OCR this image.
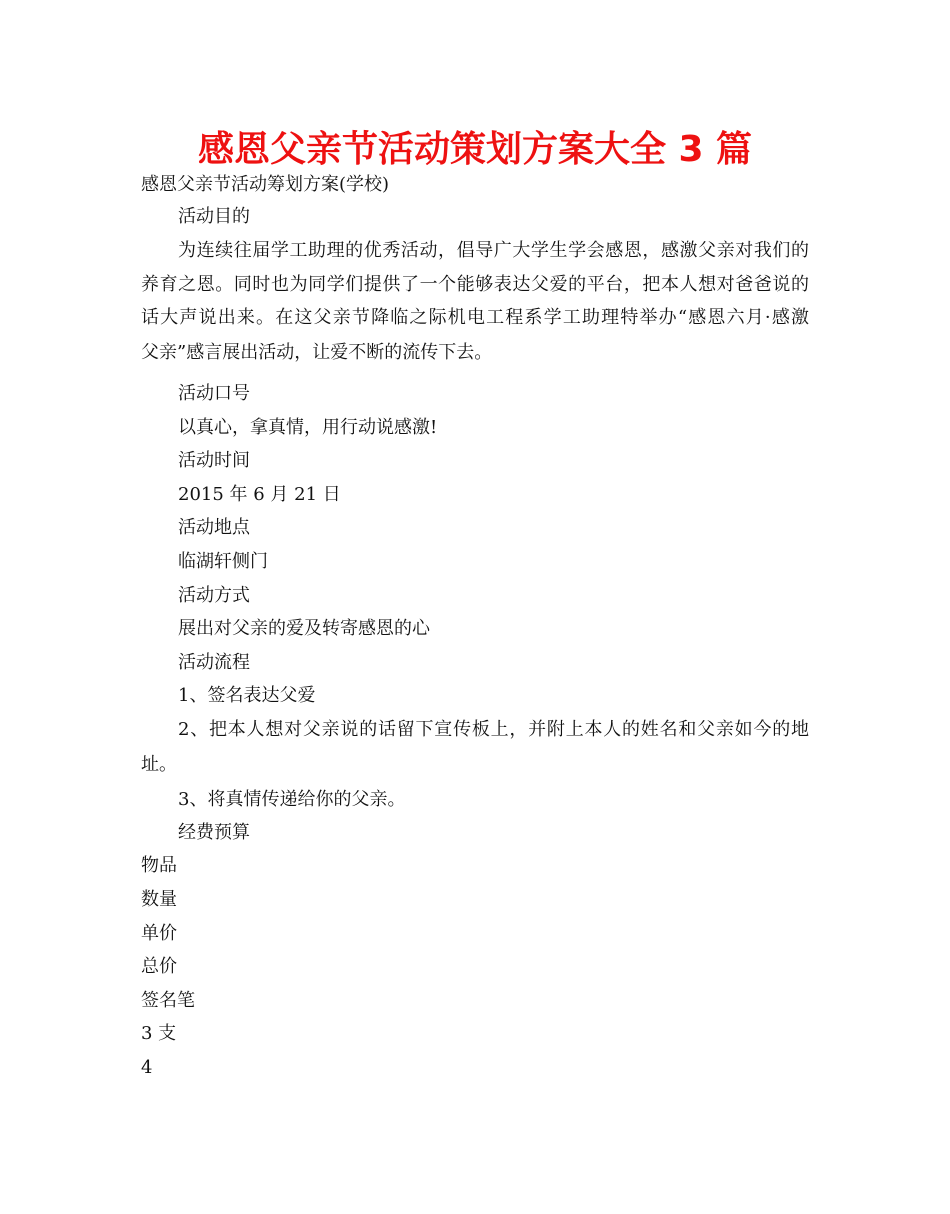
感恩父亲节活动策划方案大全 3 篇

感恩父亲节活动筹划方案(学校)

活动目的

为连续往届学工助理的优秀活动，倡导广大学生学会感恩，感激父亲对我们的

养育之恩。同时也为同学们提供了一个能够表达父爱的平台，把本人想对爸爸说的

话大声说出来。在这父亲节降临之际机电工程系学工助理特举办“感恩六月·感激

父亲”感言展出活动，让爱不断的流传下去。

活动口号

以真心，拿真情，用行动说感激!

活动时间

2015 年 6 月 21 日

活动地点

临湖轩侧门

活动方式

展出对父亲的爱及转寄感恩的心

活动流程

1、签名表达父爱

2、把本人想对父亲说的话留下宣传板上，并附上本人的姓名和父亲如今的地

址。

3、将真情传递给你的父亲。

经费预算

物品

数量

单价

总价

签名笔

3 支

4
